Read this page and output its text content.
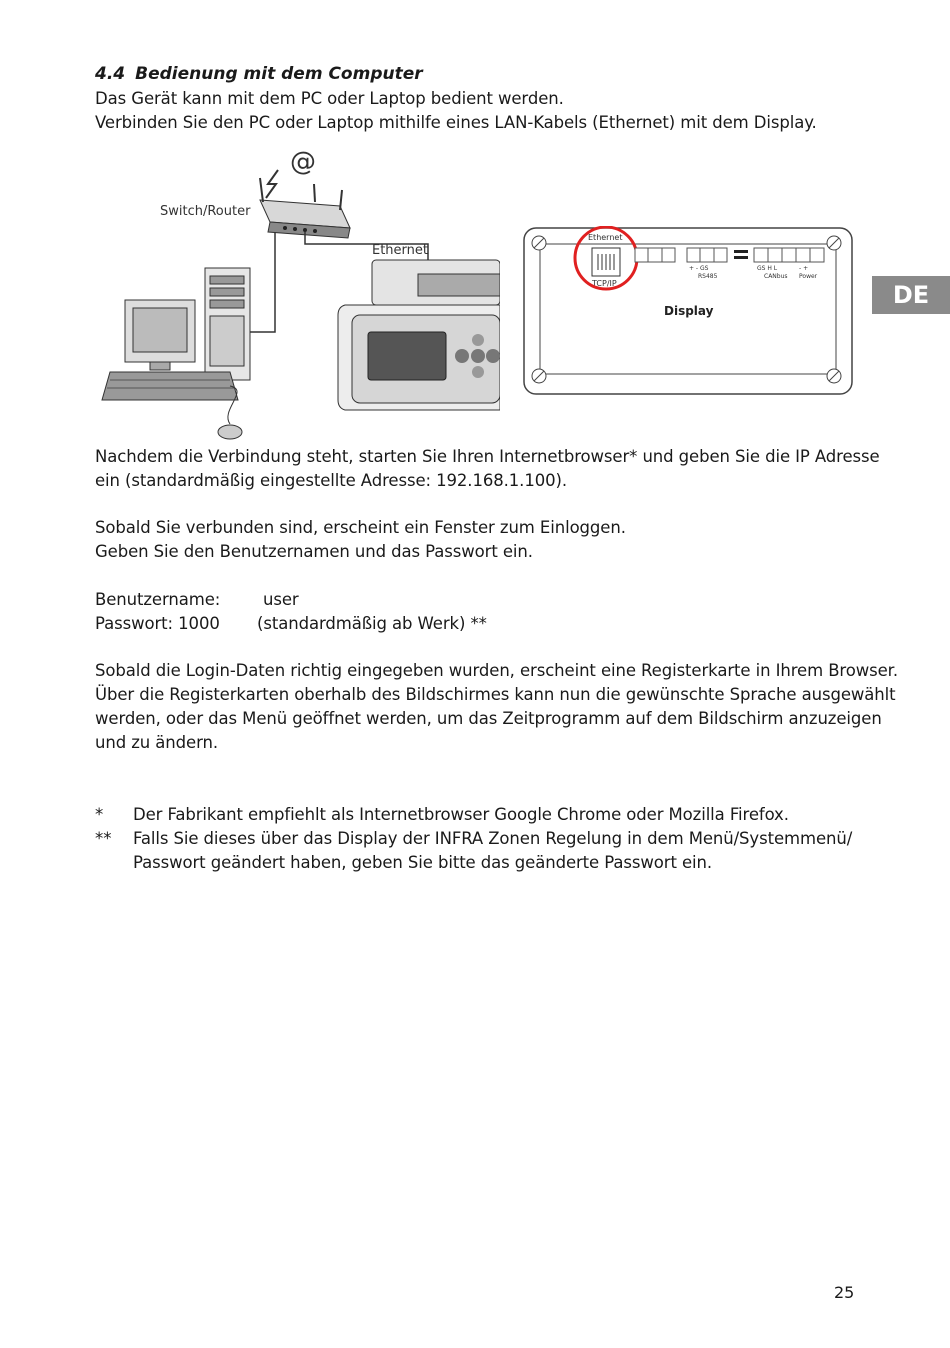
4.4 Bedienung mit dem Computer
Das Gerät kann mit dem PC oder Laptop bedient werden.
Verbinden Sie den PC oder Laptop mithilfe eines LAN-Kabels (Ethernet) mit dem Display.
@
Switch/Router
Ethernet
Ethernet
TCP/IP
+ - GS
RS485
GS H L
CANbus
- +
Power
Display
DE
Nachdem die Verbindung steht, starten Sie Ihren Internetbrowser* und geben Sie die IP Adresse
ein (standardmäßig eingestellte Adresse: 192.168.1.100).
Sobald Sie verbunden sind, erscheint ein Fenster zum Einloggen.
Geben Sie den Benutzernamen und das Passwort ein.
Benutzername:	user
Passwort: 1000 (standardmäßig ab Werk) **
Sobald die Login-Daten richtig eingegeben wurden, erscheint eine Registerkarte in Ihrem Browser.
Über die Registerkarten oberhalb des Bildschirmes kann nun die gewünschte Sprache ausgewählt
werden, oder das Menü geöffnet werden, um das Zeitprogramm auf dem Bildschirm anzuzeigen
und zu ändern.
* Der Fabrikant empfiehlt als Internetbrowser Google Chrome oder Mozilla Firefox.
** Falls Sie dieses über das Display der INFRA Zonen Regelung in dem Menü/Systemmenü/
Passwort geändert haben, geben Sie bitte das geänderte Passwort ein.
25
